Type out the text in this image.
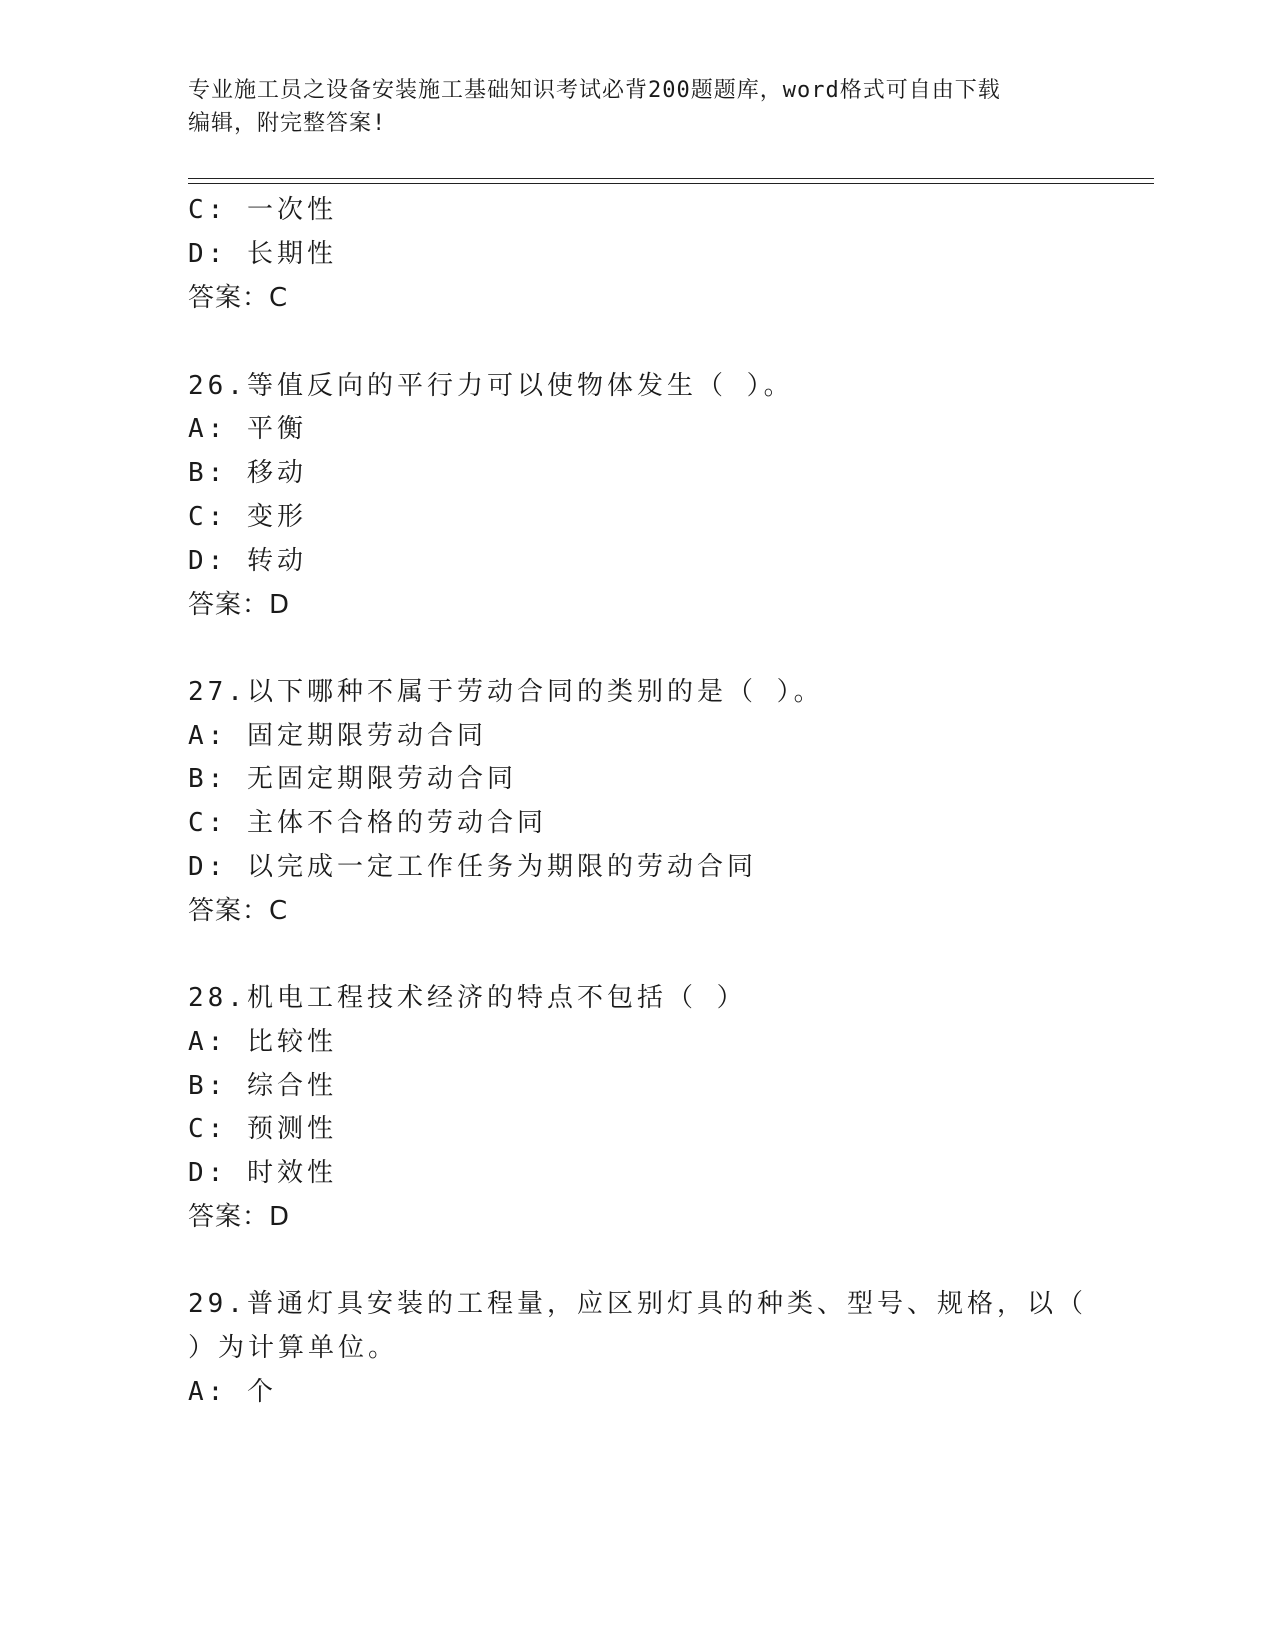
专业施工员之设备安装施工基础知识考试必背200题题库，word格式可自由下载
编辑，附完整答案!
C: 一次性
D: 长期性
答案：C
26.等值反向的平行力可以使物体发生（ ）。
A: 平衡
B: 移动
C: 变形
D: 转动
答案：D
27.以下哪种不属于劳动合同的类别的是（ ）。
A: 固定期限劳动合同
B: 无固定期限劳动合同
C: 主体不合格的劳动合同
D: 以完成一定工作任务为期限的劳动合同
答案：C
28.机电工程技术经济的特点不包括（ ）
A: 比较性
B: 综合性
C: 预测性
D: 时效性
答案：D
29.普通灯具安装的工程量，应区别灯具的种类、型号、规格，以（
）为计算单位。
A: 个
